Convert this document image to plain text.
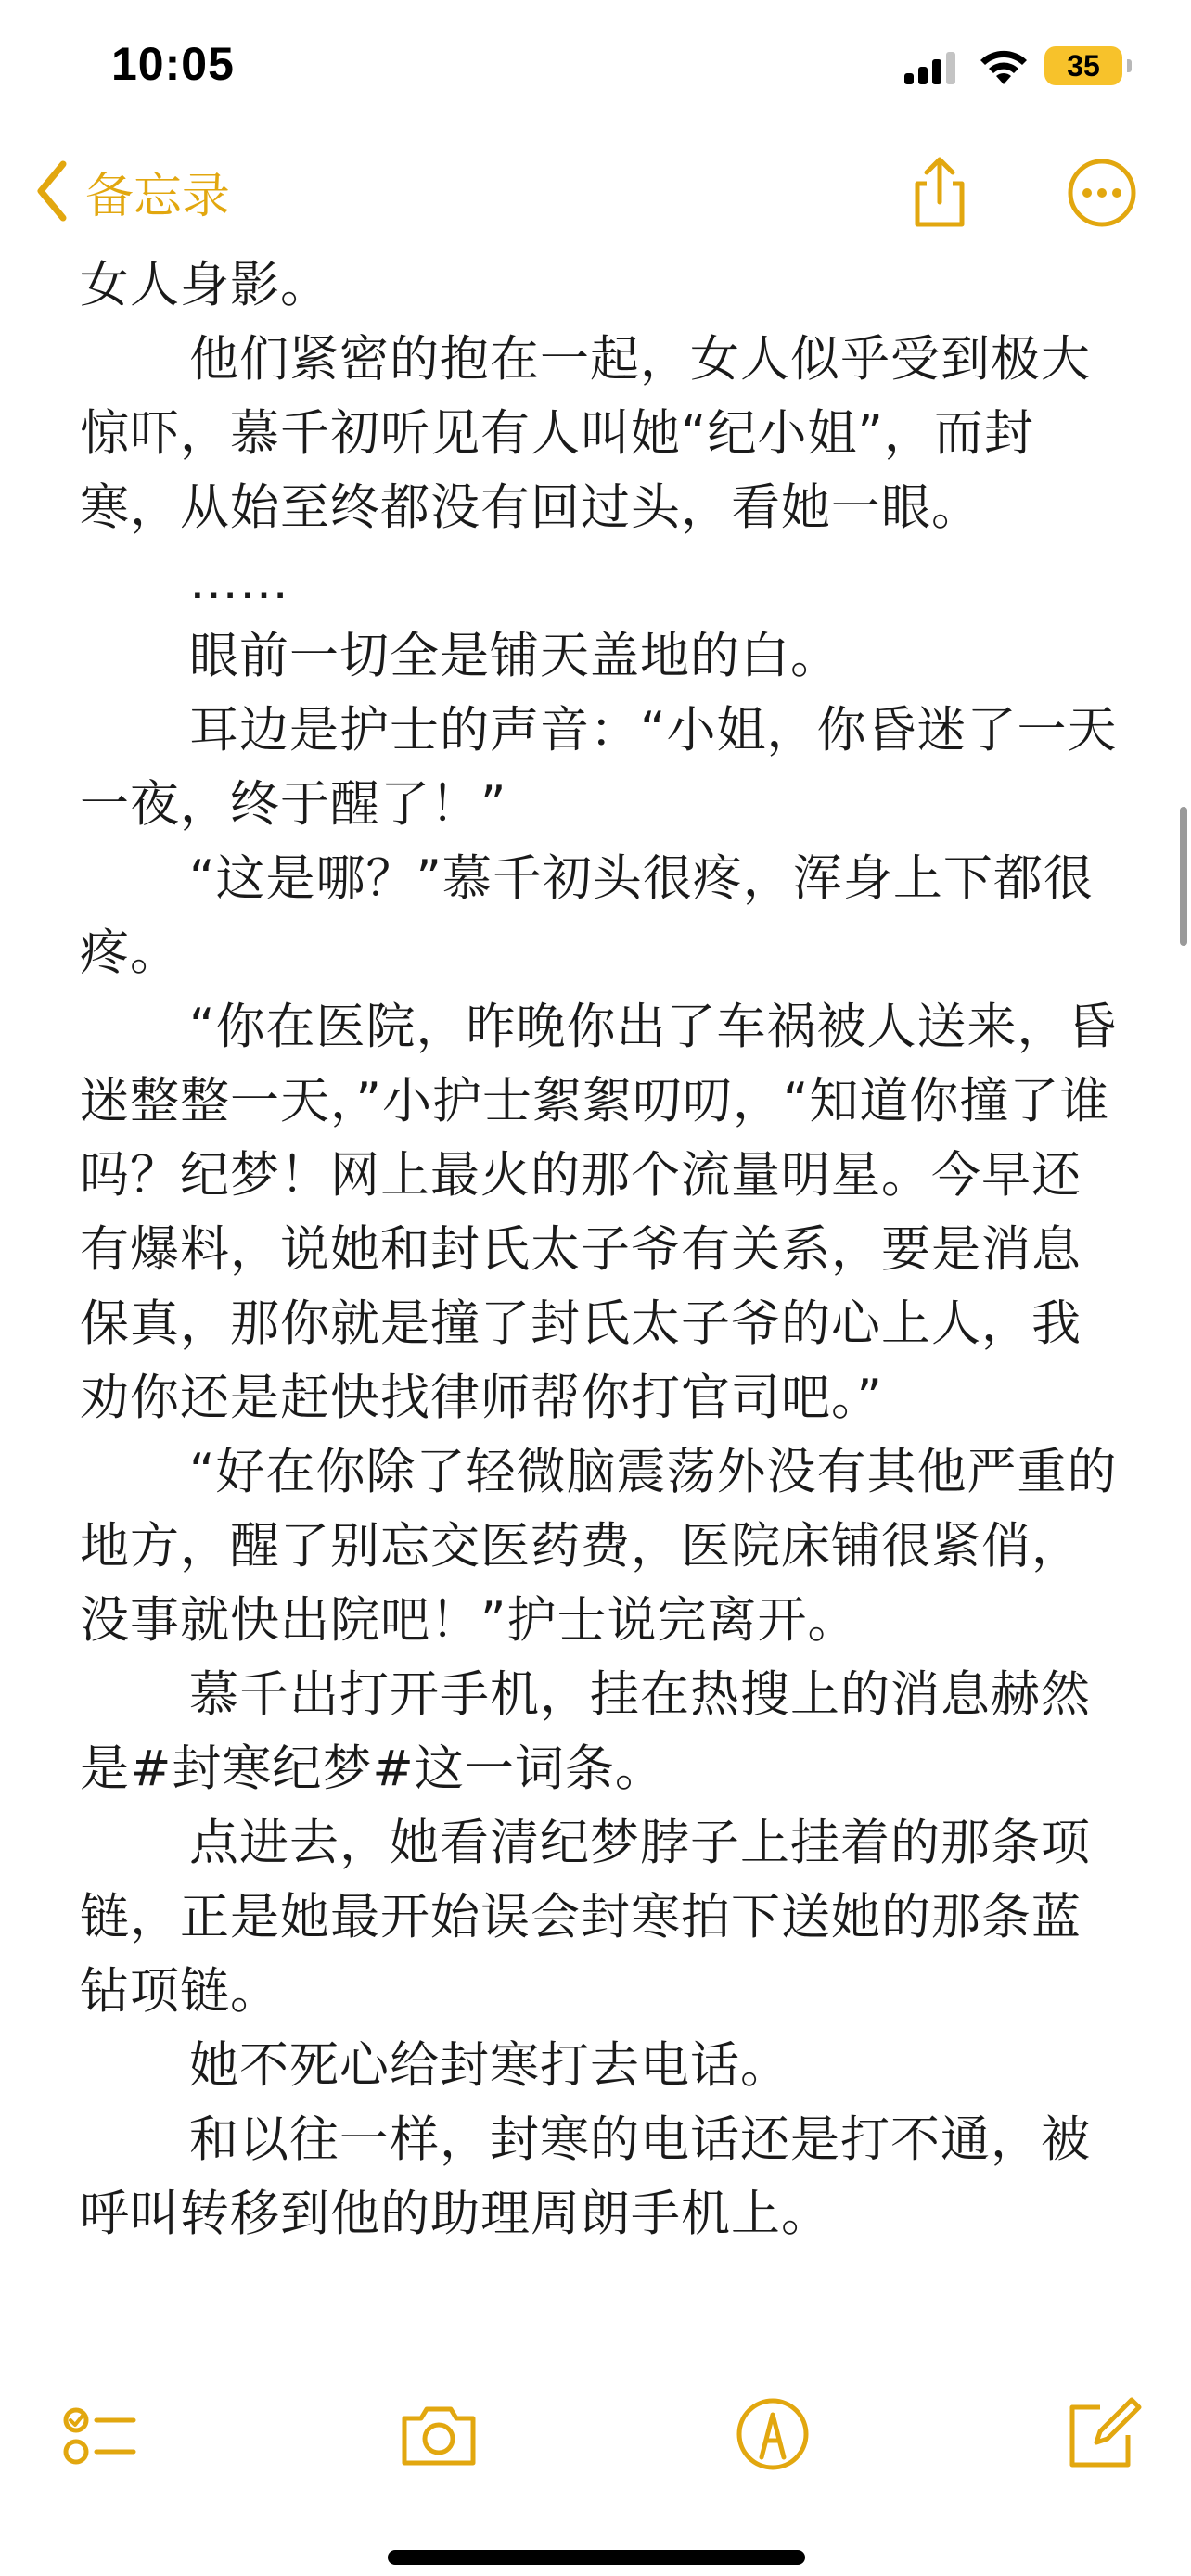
10:05	35
备忘录

女人身影。

他们紧密的抱在一起，女人似乎受到极大惊吓，慕千初听见有人叫她“纪小姐”，而封寒，从始至终都没有回过头，看她一眼。

……

眼前一切全是铺天盖地的白。

耳边是护士的声音：“小姐，你昏迷了一天一夜，终于醒了！”

“这是哪？”慕千初头很疼，浑身上下都很疼。

“你在医院，昨晚你出了车祸被人送来，昏迷整整一天，”小护士絮絮叨叨，“知道你撞了谁吗？纪梦！网上最火的那个流量明星。今早还有爆料，说她和封氏太子爷有关系，要是消息保真，那你就是撞了封氏太子爷的心上人，我劝你还是赶快找律师帮你打官司吧。”

“好在你除了轻微脑震荡外没有其他严重的地方，醒了别忘交医药费，医院床铺很紧俏，没事就快出院吧！”护士说完离开。

慕千出打开手机，挂在热搜上的消息赫然是#封寒纪梦#这一词条。

点进去，她看清纪梦脖子上挂着的那条项链，正是她最开始误会封寒拍下送她的那条蓝钻项链。

她不死心给封寒打去电话。

和以往一样，封寒的电话还是打不通，被呼叫转移到他的助理周朗手机上。
